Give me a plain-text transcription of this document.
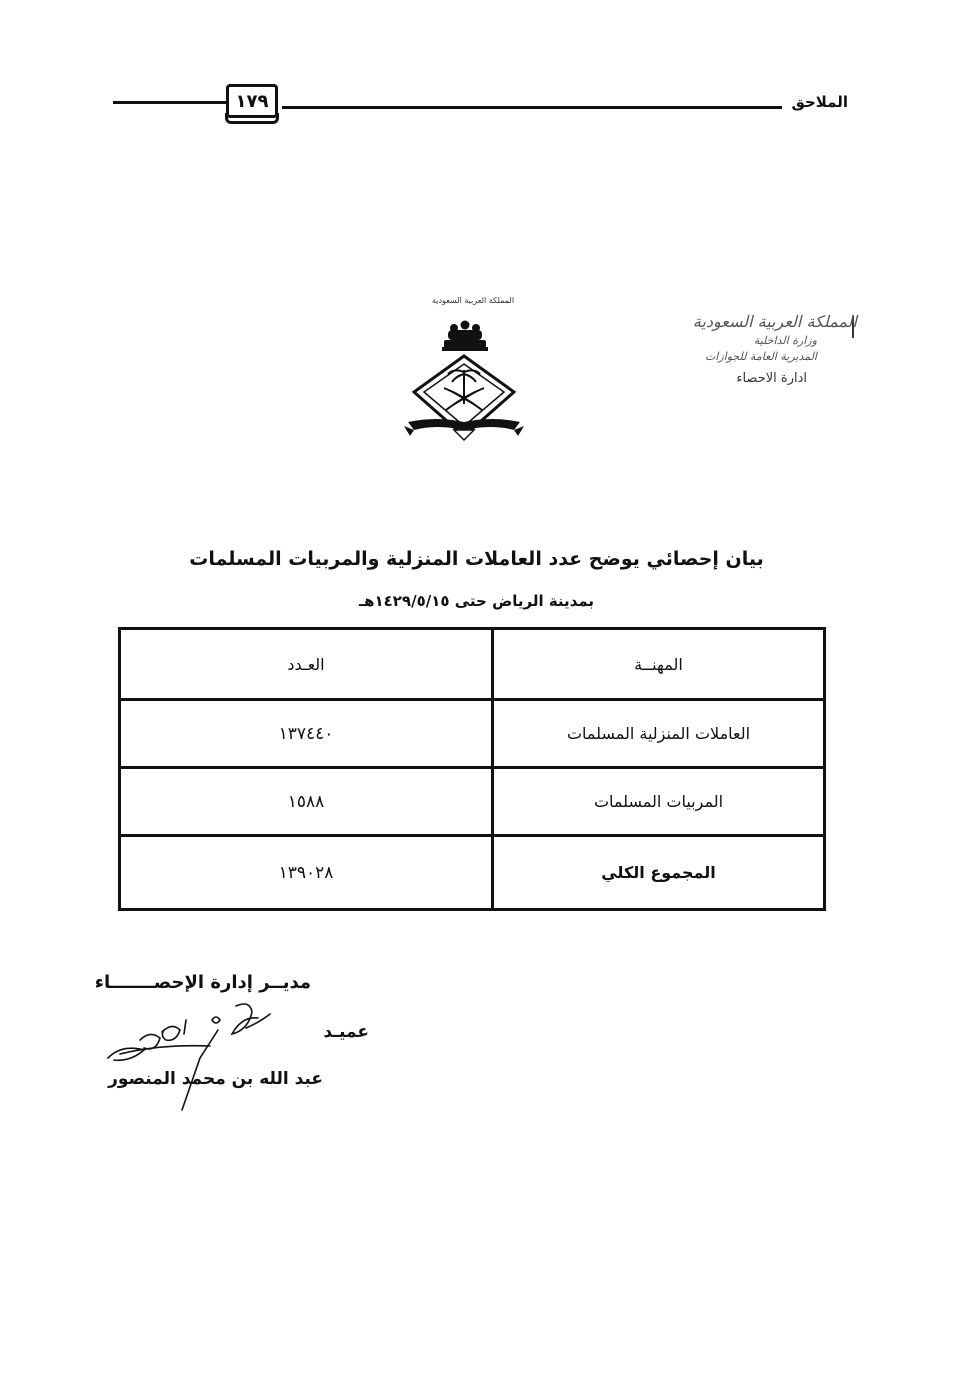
١٧٩	الملاحق
المملكة العربية السعودية
المملكة العربية السعودية
وزارة الداخلية
المديرية العامة للجوازات
ادارة الاحصاء
بيان إحصائي يوضح عدد العاملات المنزلية والمربيات المسلمات
بمدينة الرياض حتى ١٤٢٩/٥/١٥هـ
المهنــة
العـدد
العاملات المنزلية المسلمات
١٣٧٤٤٠
المربيات المسلمات
١٥٨٨
المجموع الكلي
١٣٩٠٢٨
مديــر إدارة الإحصـــــــاء
عميـد
عبد الله بن محمد المنصور
